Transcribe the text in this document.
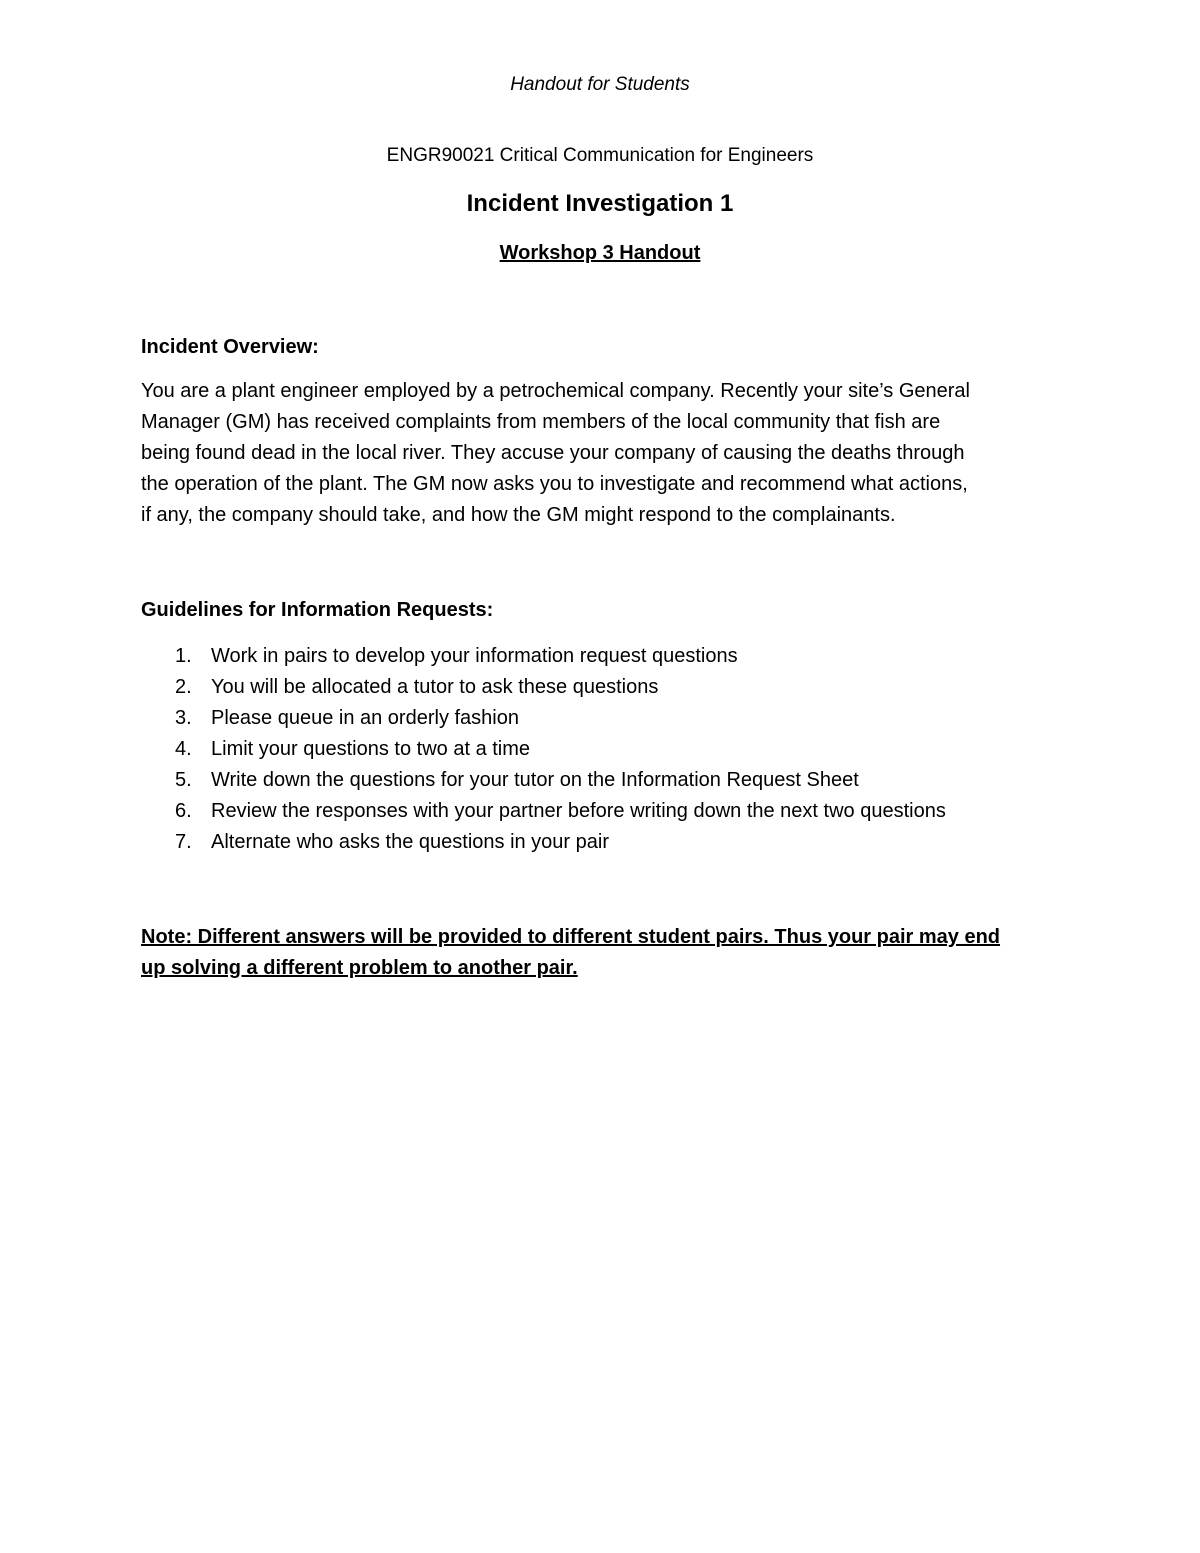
Handout for Students
ENGR90021 Critical Communication for Engineers
Incident Investigation 1
Workshop 3 Handout
Incident Overview:
You are a plant engineer employed by a petrochemical company. Recently your site’s General
Manager (GM) has received complaints from members of the local community that fish are
being found dead in the local river. They accuse your company of causing the deaths through
the operation of the plant. The GM now asks you to investigate and recommend what actions,
if any, the company should take, and how the GM might respond to the complainants.
Guidelines for Information Requests:
1. Work in pairs to develop your information request questions
2. You will be allocated a tutor to ask these questions
3. Please queue in an orderly fashion
4. Limit your questions to two at a time
5. Write down the questions for your tutor on the Information Request Sheet
6. Review the responses with your partner before writing down the next two questions
7. Alternate who asks the questions in your pair
Note: Different answers will be provided to different student pairs. Thus your pair may end
up solving a different problem to another pair.
